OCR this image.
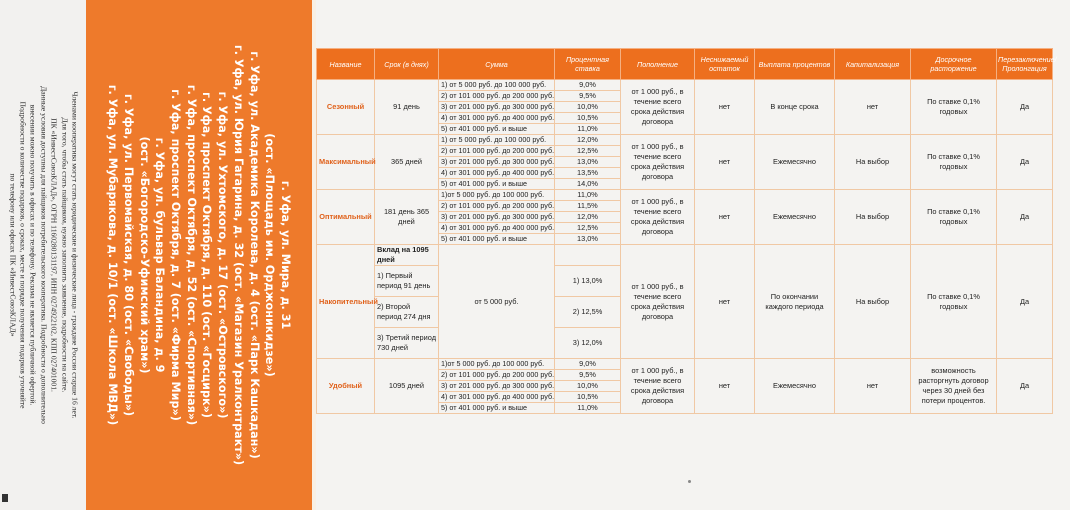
Членами кооператива могут стать юридические и физические лица - граждане России старше 16 лет.
Для того, чтобы стать пайщиком, нужно заполнить заявление, подробности на сайте.
ПК «ИнвестСоюзКЛАД», ОГРН 1160280131197, ИНН 0274922102, КПП 027401001.
Данные условия доступны для пайщиков потребительского кооператива. Подробности о дополнительно
внесении можно получить в офисах и по телефону. Реклама не является публичной офертой.
Подробности о количестве подарков, о сроках, месте и порядке получения подарков уточняйте
по телефону или офисах ПК «ИнвестСоюзКЛАД»	г. Уфа, ул. Мира, д. 31
(ост. «Площадь им. Орджоникидзе»)
г. Уфа, ул. Академика Королева, д. 4 (ост. «Парк Кашкадан»)
г. Уфа, ул. Юрия Гагарина, д. 32 (ост. «Магазин Уралконтракт»)
г. Уфа, ул. Ухтомского, д. 17 (ост. «Островского»)
г. Уфа, проспект Октября, д. 110 (ост. «Госцирк»)
г. Уфа, проспект Октября, д. 52 (ост. «Спортивная»)
г. Уфа, проспект Октября, д. 7 (ост. «Фирма Мир»)
г. Уфа, ул. бульвар Баландина, д. 9
(ост. «Богородско-Уфимский храм»)
г. Уфа, ул. Первомайская, д. 80 (ост. «Свободы»)
г. Уфа, ул. Мубарякова, д. 10/1 (ост. «Школа МВД»)
Название	Срок (в днях)	Сумма	Процентная ставка	Пополнение	Неснижаемый остаток	Выплата процентов	Капитализация	Досрочное расторжение	Перезаключение/ Пролонгация
Сезонный	91 день	1) от 5 000 руб. до 100 000 руб.	9,0%	от 1 000 руб., в течение всего срока действия договора	нет	В конце срока	нет	По ставке 0,1% годовых	Да
		2) от 101 000 руб. до 200 000 руб.	9,5%						
		3) от 201 000 руб. до 300 000 руб.	10,0%						
		4) от 301 000 руб. до 400 000 руб.	10,5%						
		5) от 401 000 руб. и выше	11,0%						
Максимальный	365 дней	1) от 5 000 руб. до 100 000 руб.	12,0%	от 1 000 руб., в течение всего срока действия договора	нет	Ежемесячно	На выбор	По ставке 0,1% годовых	Да
		2) от 101 000 руб. до 200 000 руб.	12,5%						
		3) от 201 000 руб. до 300 000 руб.	13,0%						
		4) от 301 000 руб. до 400 000 руб.	13,5%						
		5) от 401 000 руб. и выше	14,0%						
Оптимальный	181 день 365 дней	1)от 5 000 руб. до 100 000 руб.	11,0%	от 1 000 руб., в течение всего срока действия договора	нет	Ежемесячно	На выбор	По ставке 0,1% годовых	Да
		2) от 101 000 руб. до 200 000 руб.	11,5%						
		3) от 201 000 руб. до 300 000 руб.	12,0%						
		4) от 301 000 руб. до 400 000 руб.	12,5%						
		5) от 401 000 руб. и выше	13,0%						
Накопительный	Вклад на 1095 дней	от 5 000 руб.		от 1 000 руб., в течение всего срока действия договора	нет	По окончании каждого периода	На выбор	По ставке 0,1% годовых	Да
	1) Первый период 91 день		1) 13,0%						

	2) Второй период 274 дня		2) 12,5%						

	3) Третий период 730 дней		3) 12,0%						

Удобный	1095 дней	1)от 5 000 руб. до 100 000 руб.	9,0%	от 1 000 руб., в течение всего срока действия договора	нет	Ежемесячно	нет	возможность расторгнуть договор через 30 дней без потери процентов.	Да
		2) от 101 000 руб. до 200 000 руб.	9,5%						
		3) от 201 000 руб. до 300 000 руб.	10,0%						
		4) от 301 000 руб. до 400 000 руб.	10,5%						
		5) от 401 000 руб. и выше	11,0%						
